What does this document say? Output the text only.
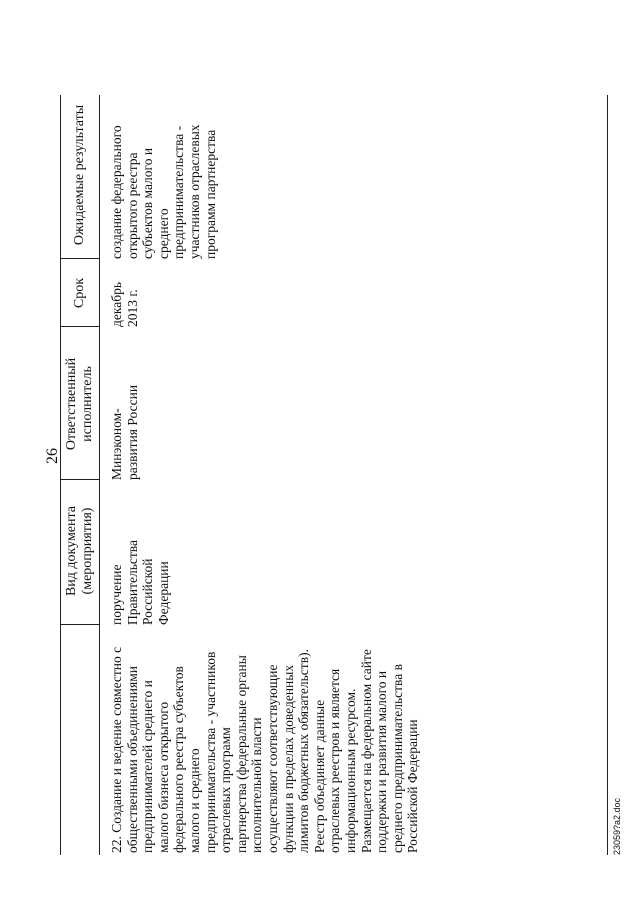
26
Вид документа (мероприятия)
Ответственный исполнитель
Срок
Ожидаемые результаты
22. Создание и ведение совместно с общественными объединениями предпринимателей среднего и малого бизнеса открытого федерального реестра субъектов малого и среднего предпринимательства - участников отраслевых программ партнерства (федеральные органы исполнительной власти осуществляют соответствующие функции в пределах доведенных лимитов бюджетных обязательств). Реестр объединяет данные отраслевых реестров и является информационным ресурсом. Размещается на федеральном сайте поддержки и развития малого и среднего предпринимательства в Российской Федерации
поручение Правительства Российской Федерации
Минэконом- развития России
декабрь 2013 г.
создание федерального открытого реестра субъектов малого и среднего предпринимательства - участников отраслевых программ партнерства
23059?a2.doc
